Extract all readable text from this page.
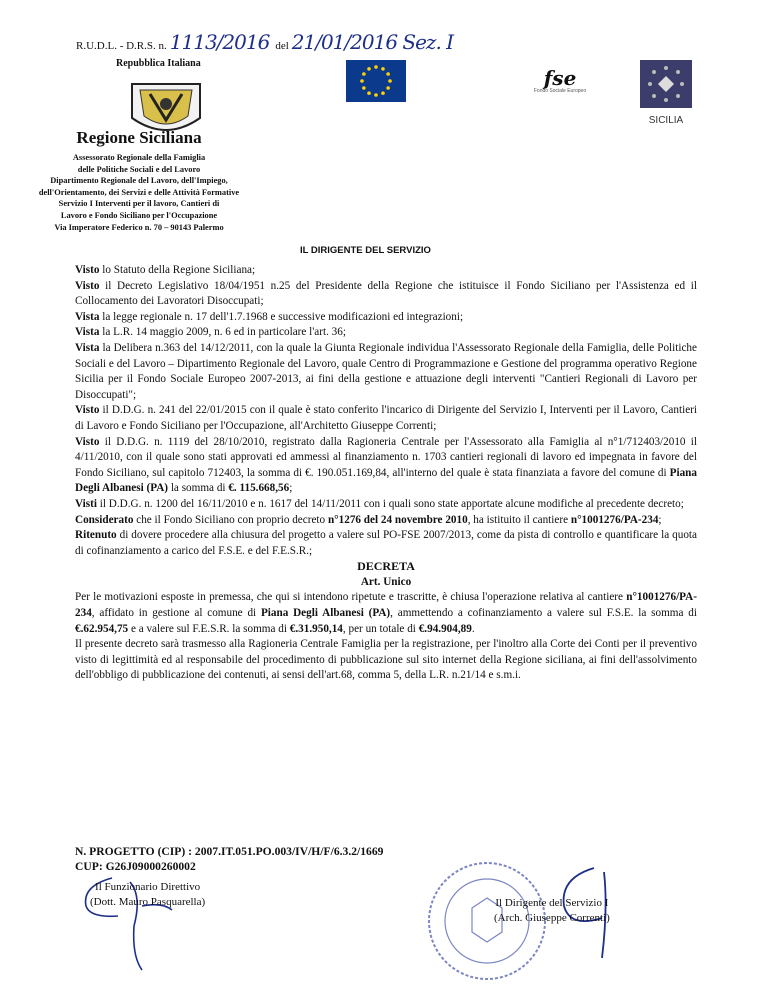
R.U.D.L. - D.R.S. n. 1113/2016 del 21/01/2016 Sez. I
Repubblica Italiana
fse
Fondo Sociale Europeo
SICILIA
Regione Siciliana
Assessorato Regionale della Famiglia
delle Politiche Sociali e del Lavoro
Dipartimento Regionale del Lavoro, dell'Impiego,
dell'Orientamento, dei Servizi e delle Attività Formative
Servizio I Interventi per il lavoro, Cantieri di
Lavoro e Fondo Siciliano per l'Occupazione
Via Imperatore Federico n. 70 – 90143 Palermo
IL DIRIGENTE DEL SERVIZIO

Visto lo Statuto della Regione Siciliana;

Visto il Decreto Legislativo 18/04/1951 n.25 del Presidente della Regione che istituisce il Fondo Siciliano per l'Assistenza ed il Collocamento dei Lavoratori Disoccupati;

Vista la legge regionale n. 17 dell'1.7.1968 e successive modificazioni ed integrazioni;

Vista la L.R. 14 maggio 2009, n. 6 ed in particolare l'art. 36;

Vista la Delibera n.363 del 14/12/2011, con la quale la Giunta Regionale individua l'Assessorato Regionale della Famiglia, delle Politiche Sociali e del Lavoro – Dipartimento Regionale del Lavoro, quale Centro di Programmazione e Gestione del programma operativo Regione Sicilia per il Fondo Sociale Europeo 2007-2013, ai fini della gestione e attuazione degli interventi "Cantieri Regionali di Lavoro per Disoccupati";

Visto il D.D.G. n. 241 del 22/01/2015 con il quale è stato conferito l'incarico di Dirigente del Servizio I, Interventi per il Lavoro, Cantieri di Lavoro e Fondo Siciliano per l'Occupazione, all'Architetto Giuseppe Correnti;

Visto il D.D.G. n. 1119 del 28/10/2010, registrato dalla Ragioneria Centrale per l'Assessorato alla Famiglia al n°1/712403/2010 il 4/11/2010, con il quale sono stati approvati ed ammessi al finanziamento n. 1703 cantieri regionali di lavoro ed impegnata in favore del Fondo Siciliano, sul capitolo 712403, la somma di €. 190.051.169,84, all'interno del quale è stata finanziata a favore del comune di Piana Degli Albanesi (PA) la somma di €. 115.668,56;

Visti il D.D.G. n. 1200 del 16/11/2010 e n. 1617 del 14/11/2011 con i quali sono state apportate alcune modifiche al precedente decreto;

Considerato che il Fondo Siciliano con proprio decreto n°1276 del 24 novembre 2010, ha istituito il cantiere n°1001276/PA-234;

Ritenuto di dovere procedere alla chiusura del progetto a valere sul PO-FSE 2007/2013, come da pista di controllo e quantificare la quota di cofinanziamento a carico del F.S.E. e del F.E.S.R.;

DECRETA

Art. Unico

Per le motivazioni esposte in premessa, che qui si intendono ripetute e trascritte, è chiusa l'operazione relativa al cantiere n°1001276/PA-234, affidato in gestione al comune di Piana Degli Albanesi (PA), ammettendo a cofinanziamento a valere sul F.S.E. la somma di €.62.954,75 e a valere sul F.E.S.R. la somma di €.31.950,14, per un totale di €.94.904,89.

Il presente decreto sarà trasmesso alla Ragioneria Centrale Famiglia per la registrazione, per l'inoltro alla Corte dei Conti per il preventivo visto di legittimità ed al responsabile del procedimento di pubblicazione sul sito internet della Regione siciliana, ai fini dell'assolvimento dell'obbligo di pubblicazione dei contenuti, ai sensi dell'art.68, comma 5, della L.R. n.21/14 e s.m.i.

N. PROGETTO (CIP) : 2007.IT.051.PO.003/IV/H/F/6.3.2/1669
CUP: G26J09000260002
Il Funzionario Direttivo
(Dott. Mauro Pasquarella)	Il Dirigente del Servizio I
(Arch. Giuseppe Correnti)
